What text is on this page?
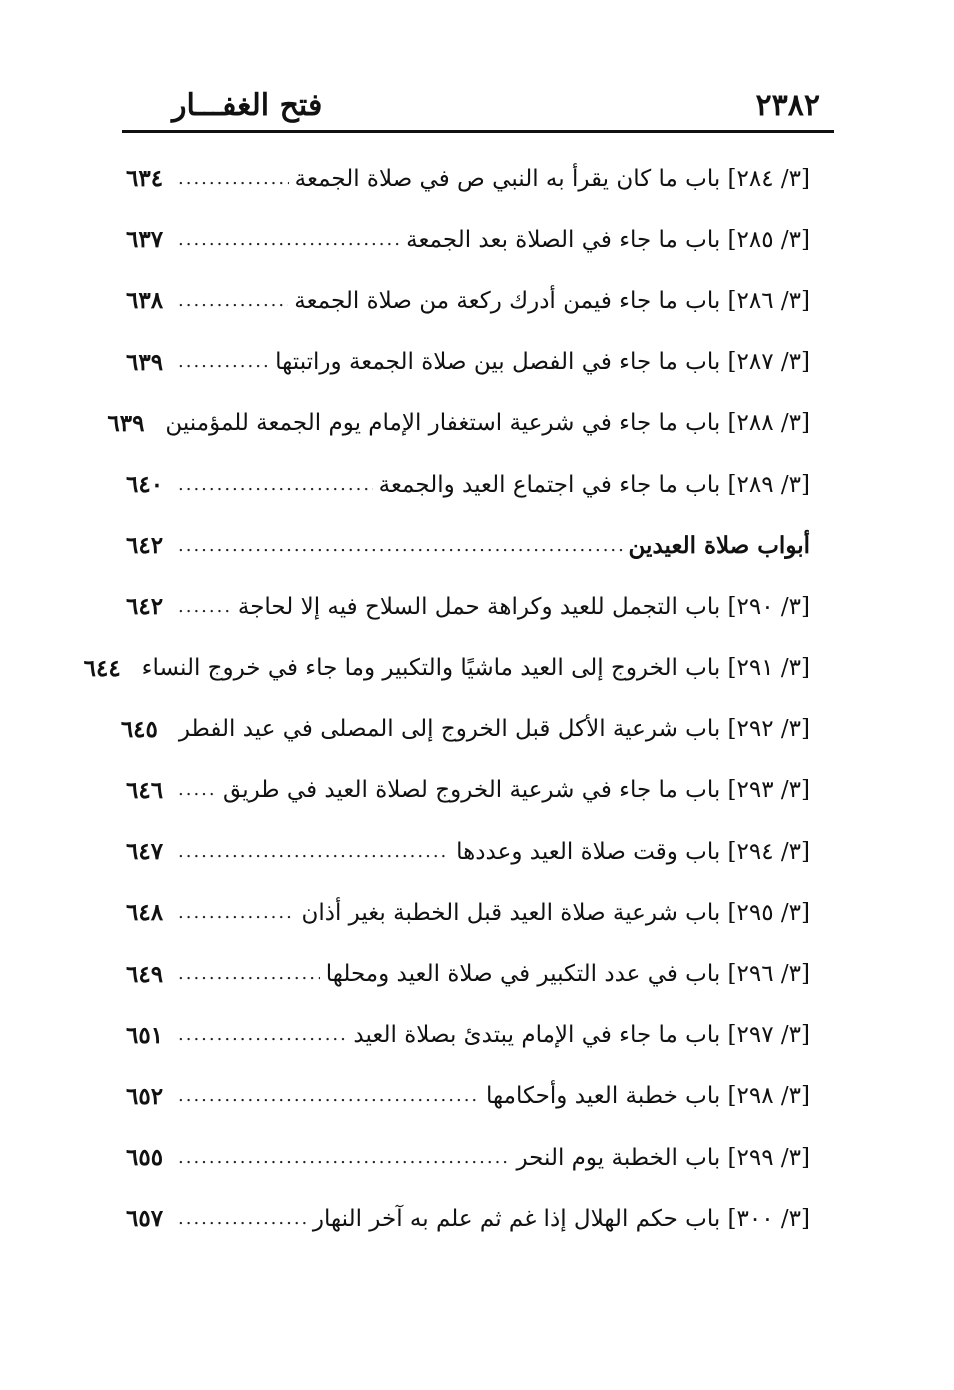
٢٣٨٢
فتح الغفـــار
[٣/ ٢٨٤] باب ما كان يقرأ به النبي ص في صلاة الجمعة
.....
٦٣٤
[٣/ ٢٨٥] باب ما جاء في الصلاة بعد الجمعة
.....
٦٣٧
[٣/ ٢٨٦] باب ما جاء فيمن أدرك ركعة من صلاة الجمعة
.....
٦٣٨
[٣/ ٢٨٧] باب ما جاء في الفصل بين صلاة الجمعة وراتبتها
.....
٦٣٩
[٣/ ٢٨٨] باب ما جاء في شرعية استغفار الإمام يوم الجمعة للمؤمنين
٦٣٩
[٣/ ٢٨٩] باب ما جاء في اجتماع العيد والجمعة
.....
٦٤٠
أبواب صلاة العيدين
.....
٦٤٢
[٣/ ٢٩٠] باب التجمل للعيد وكراهة حمل السلاح فيه إلا لحاجة
.....
٦٤٢
[٣/ ٢٩١] باب الخروج إلى العيد ماشيًا والتكبير وما جاء في خروج النساء
٦٤٤
[٣/ ٢٩٢] باب شرعية الأكل قبل الخروج إلى المصلى في عيد الفطر
٦٤٥
[٣/ ٢٩٣] باب ما جاء في شرعية الخروج لصلاة العيد في طريق
.....
٦٤٦
[٣/ ٢٩٤] باب وقت صلاة العيد وعددها
.....
٦٤٧
[٣/ ٢٩٥] باب شرعية صلاة العيد قبل الخطبة بغير أذان
.....
٦٤٨
[٣/ ٢٩٦] باب في عدد التكبير في صلاة العيد ومحلها
.....
٦٤٩
[٣/ ٢٩٧] باب ما جاء في الإمام يبتدئ بصلاة العيد
.....
٦٥١
[٣/ ٢٩٨] باب خطبة العيد وأحكامها
.....
٦٥٢
[٣/ ٢٩٩] باب الخطبة يوم النحر
.....
٦٥٥
[٣/ ٣٠٠] باب حكم الهلال إذا غم ثم علم به آخر النهار
.....
٦٥٧
